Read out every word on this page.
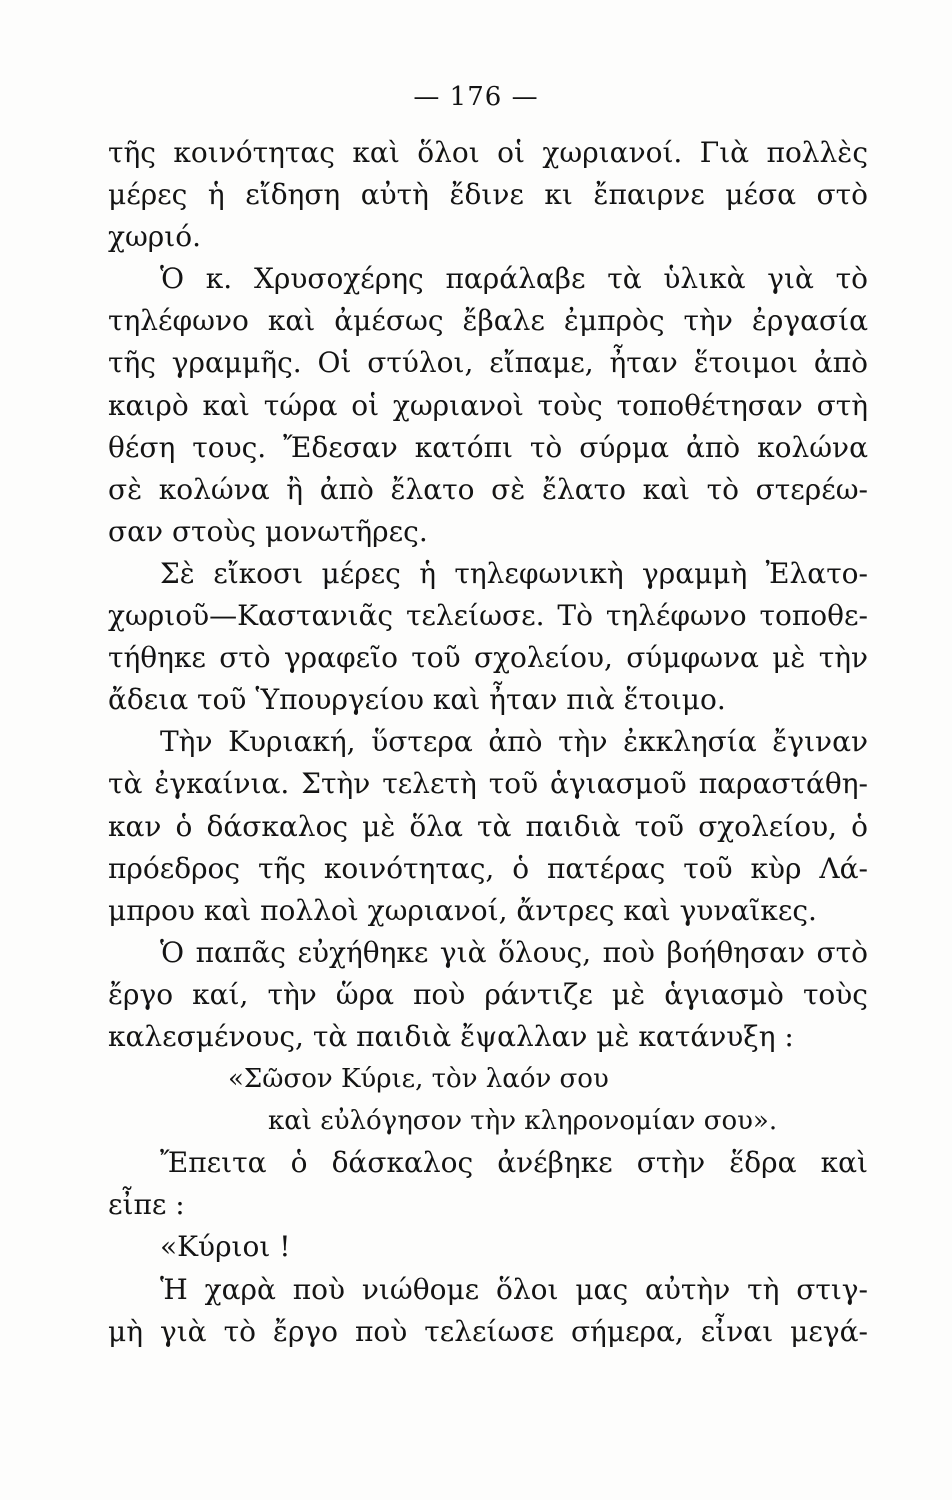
— 176 —
τῆς κοινότητας καὶ ὅλοι οἱ χωριανοί. Γιὰ πολλὲς
μέρες ἡ εἴδηση αὐτὴ ἔδινε κι ἔπαιρνε μέσα στὸ
χωριό.
Ὁ κ. Χρυσοχέρης παράλαβε τὰ ὑλικὰ γιὰ τὸ
τηλέφωνο καὶ ἀμέσως ἔβαλε ἐμπρὸς τὴν ἐργασία
τῆς γραμμῆς. Οἱ στύλοι, εἴπαμε, ἦταν ἕτοιμοι ἀπὸ
καιρὸ καὶ τώρα οἱ χωριανοὶ τοὺς τοποθέτησαν στὴ
θέση τους. Ἔδεσαν κατόπι τὸ σύρμα ἀπὸ κολώνα
σὲ κολώνα ἢ ἀπὸ ἔλατο σὲ ἔλατο καὶ τὸ στερέω-
σαν στοὺς μονωτῆρες.
Σὲ εἴκοσι μέρες ἡ τηλεφωνικὴ γραμμὴ Ἐλατο-
χωριοῦ—Καστανιᾶς τελείωσε. Τὸ τηλέφωνο τοποθε-
τήθηκε στὸ γραφεῖο τοῦ σχολείου, σύμφωνα μὲ τὴν
ἄδεια τοῦ Ὑπουργείου καὶ ἦταν πιὰ ἕτοιμο.
Τὴν Κυριακή, ὕστερα ἀπὸ τὴν ἐκκλησία ἔγιναν
τὰ ἐγκαίνια. Στὴν τελετὴ τοῦ ἁγιασμοῦ παραστάθη-
καν ὁ δάσκαλος μὲ ὅλα τὰ παιδιὰ τοῦ σχολείου, ὁ
πρόεδρος τῆς κοινότητας, ὁ πατέρας τοῦ κὺρ Λά-
μπρου καὶ πολλοὶ χωριανοί, ἄντρες καὶ γυναῖκες.
Ὁ παπᾶς εὐχήθηκε γιὰ ὅλους, ποὺ βοήθησαν στὸ
ἔργο καί, τὴν ὥρα ποὺ ράντιζε μὲ ἁγιασμὸ τοὺς
καλεσμένους, τὰ παιδιὰ ἔψαλλαν μὲ κατάνυξη :
«Σῶσον Κύριε, τὸν λαόν σου
καὶ εὐλόγησον τὴν κληρονομίαν σου».
Ἔπειτα ὁ δάσκαλος ἀνέβηκε στὴν ἕδρα καὶ
εἶπε :
«Κύριοι !
Ἡ χαρὰ ποὺ νιώθομε ὅλοι μας αὐτὴν τὴ στιγ-
μὴ γιὰ τὸ ἔργο ποὺ τελείωσε σήμερα, εἶναι μεγά-
